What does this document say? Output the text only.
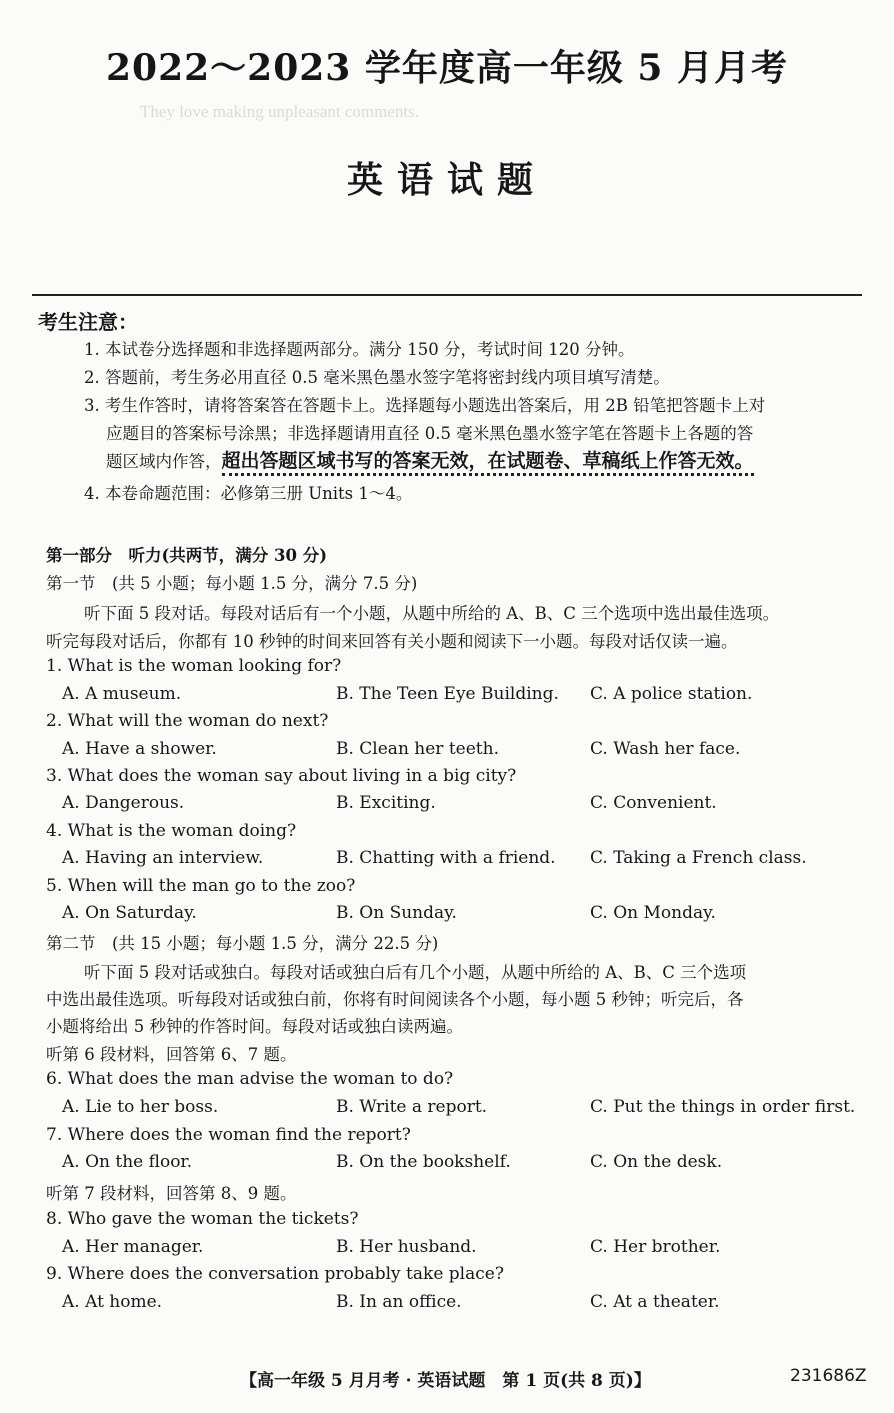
They love making unpleasant comments.
2022～2023 学年度高一年级 5 月月考
英语试题
考生注意：
1. 本试卷分选择题和非选择题两部分。满分 150 分，考试时间 120 分钟。
2. 答题前，考生务必用直径 0.5 毫米黑色墨水签字笔将密封线内项目填写清楚。
3. 考生作答时，请将答案答在答题卡上。选择题每小题选出答案后，用 2B 铅笔把答题卡上对
应题目的答案标号涂黑；非选择题请用直径 0.5 毫米黑色墨水签字笔在答题卡上各题的答
题区域内作答，超出答题区域书写的答案无效，在试题卷、草稿纸上作答无效。
4. 本卷命题范围：必修第三册 Units 1～4。
第一部分　听力(共两节，满分 30 分)
第一节　(共 5 小题；每小题 1.5 分，满分 7.5 分)
听下面 5 段对话。每段对话后有一个小题，从题中所给的 A、B、C 三个选项中选出最佳选项。
听完每段对话后，你都有 10 秒钟的时间来回答有关小题和阅读下一小题。每段对话仅读一遍。
1. What is the woman looking for?
A. A museum.	B. The Teen Eye Building. C. A police station.
2. What will the woman do next?
A. Have a shower.	B. Clean her teeth.	C. Wash her face.
3. What does the woman say about living in a big city?
A. Dangerous.	B. Exciting.	C. Convenient.
4. What is the woman doing?
A. Having an interview.	B. Chatting with a friend. C. Taking a French class.
5. When will the man go to the zoo?
A. On Saturday.	B. On Sunday.	C. On Monday.
第二节　(共 15 小题；每小题 1.5 分，满分 22.5 分)
听下面 5 段对话或独白。每段对话或独白后有几个小题，从题中所给的 A、B、C 三个选项
中选出最佳选项。听每段对话或独白前，你将有时间阅读各个小题，每小题 5 秒钟；听完后，各
小题将给出 5 秒钟的作答时间。每段对话或独白读两遍。
听第 6 段材料，回答第 6、7 题。
6. What does the man advise the woman to do?
A. Lie to her boss.	B. Write a report.	C. Put the things in order first.
7. Where does the woman find the report?
A. On the floor.	B. On the bookshelf.	C. On the desk.
听第 7 段材料，回答第 8、9 题。
8. Who gave the woman the tickets?
A. Her manager.	B. Her husband.	C. Her brother.
9. Where does the conversation probably take place?
A. At home.	B. In an office.	C. At a theater.
【高一年级 5 月月考 · 英语试题　第 1 页(共 8 页)】	231686Z
